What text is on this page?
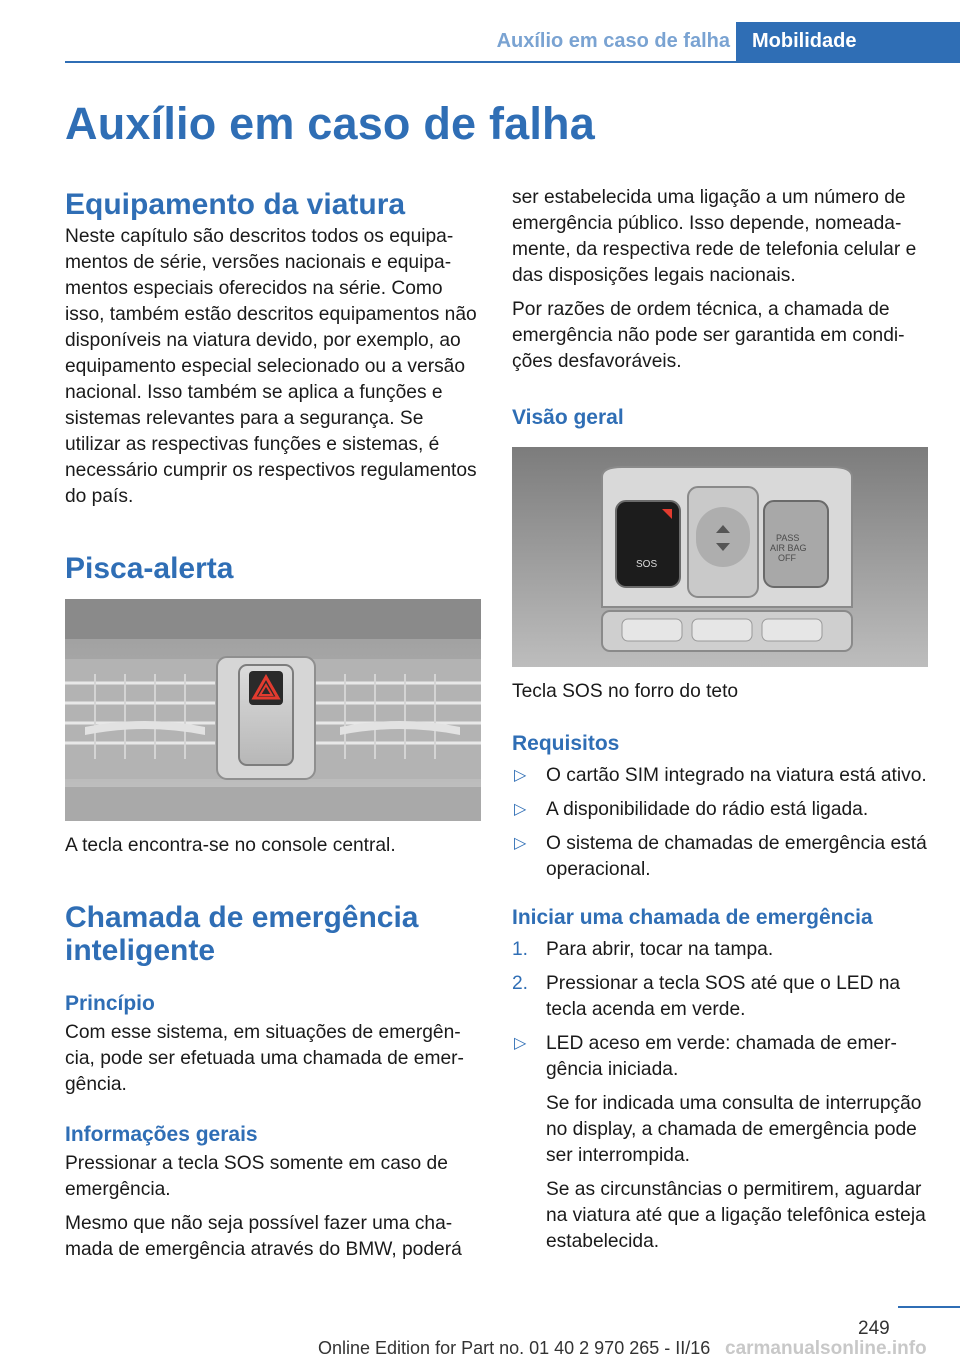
Auxílio em caso de falha	Mobilidade
Auxílio em caso de falha
Equipamento da viatura

Neste capítulo são descritos todos os equipamentos de série, versões nacionais e equipamentos especiais oferecidos na série. Como isso, também estão descritos equipamentos não disponíveis na viatura devido, por exemplo, ao equipamento especial selecionado ou a versão nacional. Isso também se aplica a funções e sistemas relevantes para a segurança. Se utilizar as respectivas funções e sistemas, é necessário cumprir os respectivos regulamentos do país.

Pisca-alerta

A tecla encontra-se no console central.

Chamada de emergência inteligente
Princípio

Com esse sistema, em situações de emergência, pode ser efetuada uma chamada de emergência.

Informações gerais

Pressionar a tecla SOS somente em caso de emergência.

Mesmo que não seja possível fazer uma chamada de emergência através do BMW, poderá

ser estabelecida uma ligação a um número de emergência público. Isso depende, nomeadamente, da respectiva rede de telefonia celular e das disposições legais nacionais.

Por razões de ordem técnica, a chamada de emergência não pode ser garantida em condições desfavoráveis.

Visão geral
SOS
PASS
AIR BAG
OFF

Tecla SOS no forro do teto

Requisitos
▷ O cartão SIM integrado na viatura está ativo.
▷ A disponibilidade do rádio está ligada.
▷ O sistema de chamadas de emergência está operacional.
Iniciar uma chamada de emergência
1. Para abrir, tocar na tampa.
2. Pressionar a tecla SOS até que o LED na tecla acenda em verde.
▷ LED aceso em verde: chamada de emergência iniciada.

Se for indicada uma consulta de interrupção no display, a chamada de emergência pode ser interrompida.

Se as circunstâncias o permitirem, aguardar na viatura até que a ligação telefônica esteja estabelecida.

249
Online Edition for Part no. 01 40 2 970 265 - II/16 carmanualsonline.info
